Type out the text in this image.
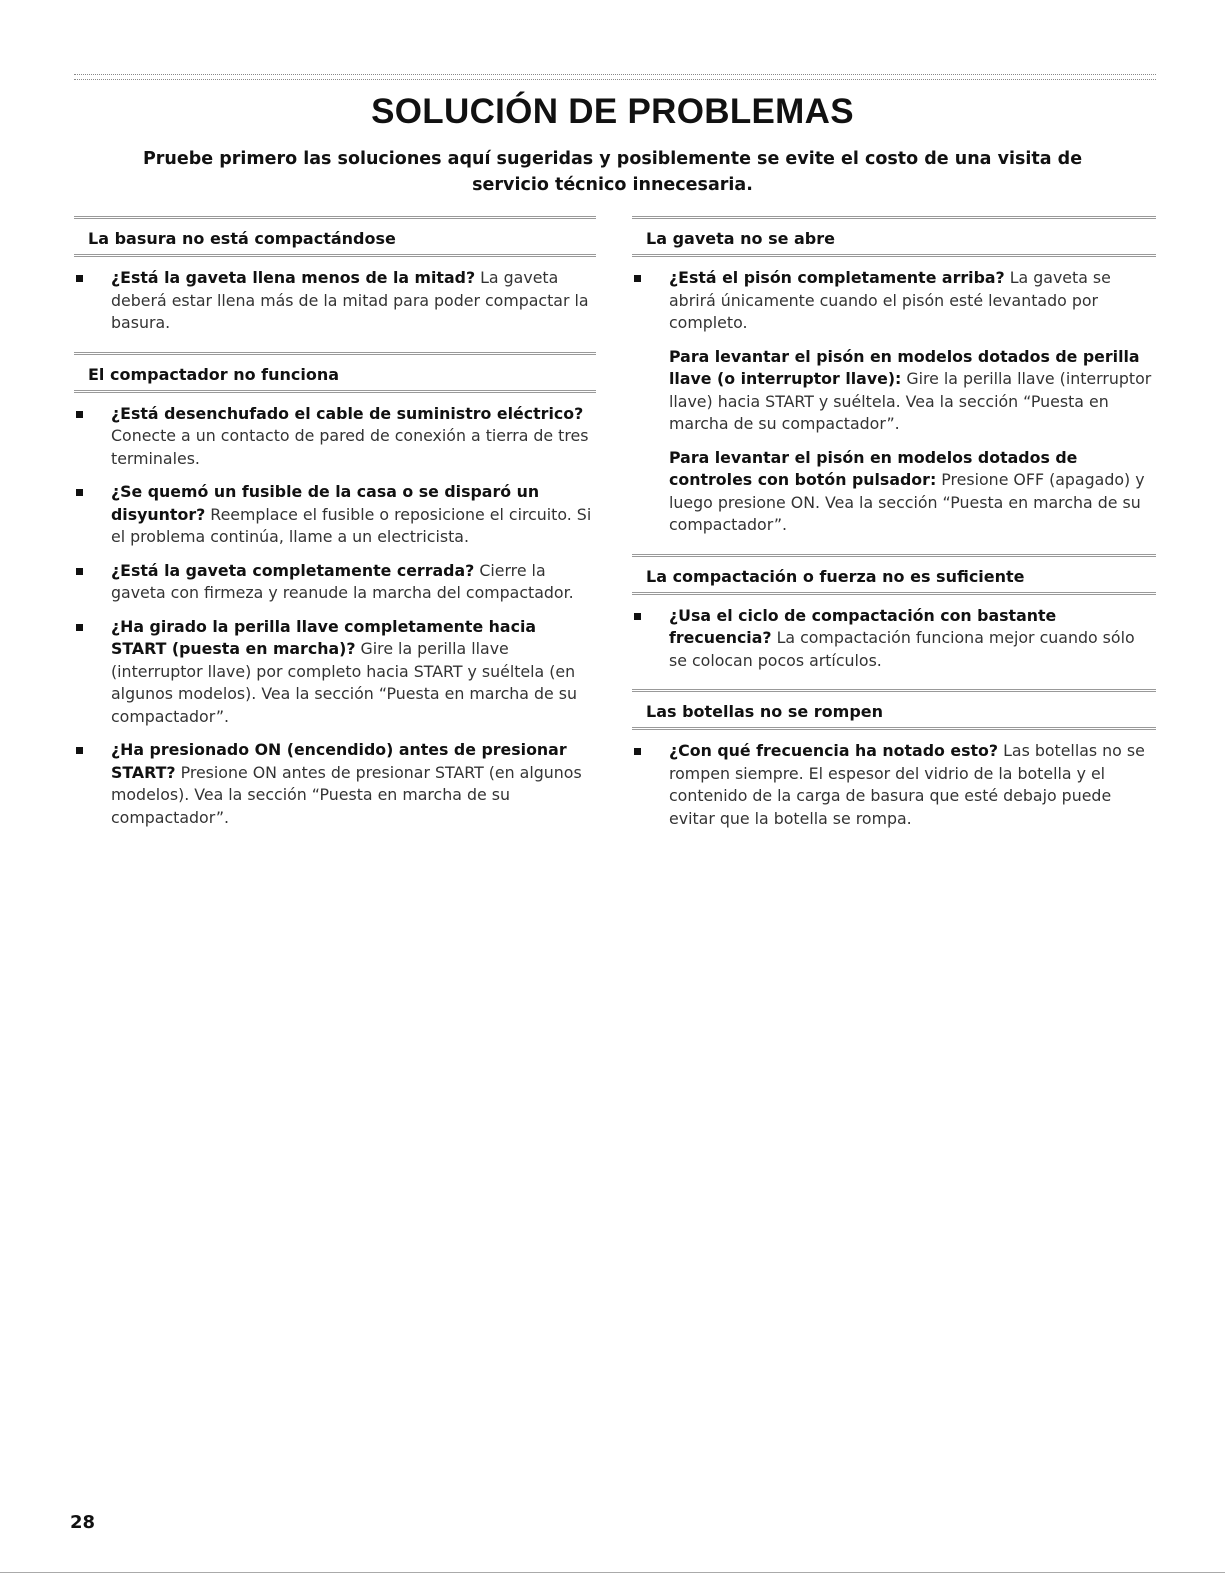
SOLUCIÓN DE PROBLEMAS

Pruebe primero las soluciones aquí sugeridas y posiblemente se evite el costo de una visita de servicio técnico innecesaria.

La basura no está compactándose
¿Está la gaveta llena menos de la mitad? La gaveta deberá estar llena más de la mitad para poder compactar la basura.
El compactador no funciona
¿Está desenchufado el cable de suministro eléctrico? Conecte a un contacto de pared de conexión a tierra de tres terminales.
¿Se quemó un fusible de la casa o se disparó un disyuntor? Reemplace el fusible o reposicione el circuito. Si el problema continúa, llame a un electricista.
¿Está la gaveta completamente cerrada? Cierre la gaveta con firmeza y reanude la marcha del compactador.
¿Ha girado la perilla llave completamente hacia START (puesta en marcha)? Gire la perilla llave (interruptor llave) por completo hacia START y suéltela (en algunos modelos). Vea la sección “Puesta en marcha de su compactador”.
¿Ha presionado ON (encendido) antes de presionar START? Presione ON antes de presionar START (en algunos modelos). Vea la sección “Puesta en marcha de su compactador”.
La gaveta no se abre
¿Está el pisón completamente arriba? La gaveta se abrirá únicamente cuando el pisón esté levantado por completo.

Para levantar el pisón en modelos dotados de perilla llave (o interruptor llave): Gire la perilla llave (interruptor llave) hacia START y suéltela. Vea la sección “Puesta en marcha de su compactador”.

Para levantar el pisón en modelos dotados de controles con botón pulsador: Presione OFF (apagado) y luego presione ON. Vea la sección “Puesta en marcha de su compactador”.

La compactación o fuerza no es suficiente
¿Usa el ciclo de compactación con bastante frecuencia? La compactación funciona mejor cuando sólo se colocan pocos artículos.
Las botellas no se rompen
¿Con qué frecuencia ha notado esto? Las botellas no se rompen siempre. El espesor del vidrio de la botella y el contenido de la carga de basura que esté debajo puede evitar que la botella se rompa.

28
